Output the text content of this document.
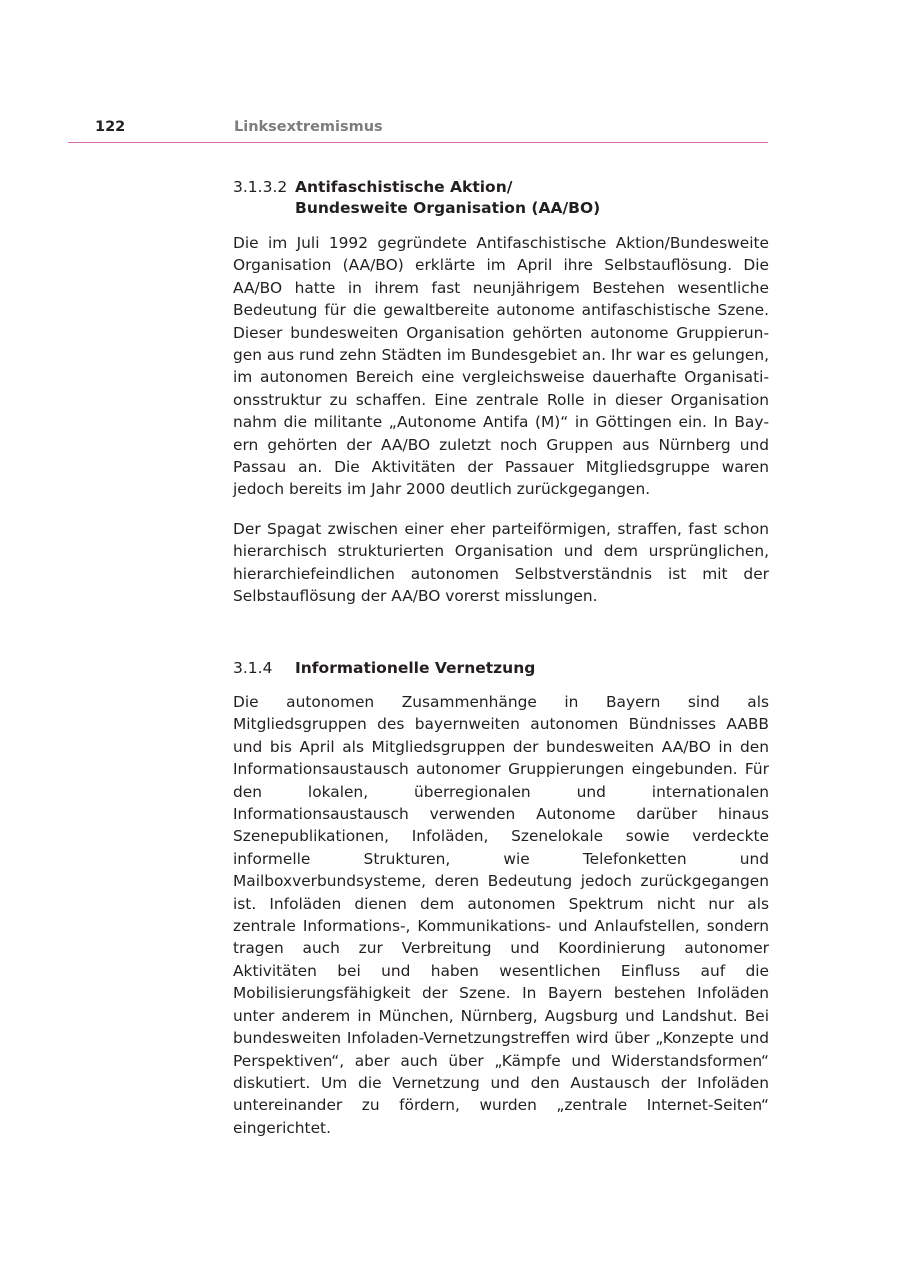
122	Linksextremismus
3.1.3.2 Antifaschistische Aktion/
Bundesweite Organisation (AA/BO)

Die im Juli 1992 gegründete Antifaschistische Aktion/Bundesweite Organisation (AA/BO) erklärte im April ihre Selbstauflösung. Die AA/BO hatte in ihrem fast neunjährigem Bestehen wesentliche Bedeutung für die gewaltbereite autonome antifaschistische Szene. Dieser bundesweiten Organisation gehörten autonome Gruppierungen aus rund zehn Städten im Bundesgebiet an. Ihr war es gelungen, im autonomen Bereich eine vergleichsweise dauerhafte Organisationsstruktur zu schaffen. Eine zentrale Rolle in dieser Organisation nahm die militante „Autonome Antifa (M)“ in Göttingen ein. In Bayern gehörten der AA/BO zuletzt noch Gruppen aus Nürnberg und Passau an. Die Aktivitäten der Passauer Mitgliedsgruppe waren jedoch bereits im Jahr 2000 deutlich zurückgegangen.

Der Spagat zwischen einer eher parteiförmigen, straffen, fast schon hierarchisch strukturierten Organisation und dem ursprünglichen, hierarchiefeindlichen autonomen Selbstverständnis ist mit der Selbstauflösung der AA/BO vorerst misslungen.

3.1.4 Informationelle Vernetzung

Die autonomen Zusammenhänge in Bayern sind als Mitgliedsgruppen des bayernweiten autonomen Bündnisses AABB und bis April als Mitgliedsgruppen der bundesweiten AA/BO in den Informationsaustausch autonomer Gruppierungen eingebunden. Für den lokalen, überregionalen und internationalen Informationsaustausch verwenden Autonome darüber hinaus Szenepublikationen, Infoläden, Szenelokale sowie verdeckte informelle Strukturen, wie Telefonketten und Mailboxverbundsysteme, deren Bedeutung jedoch zurückgegangen ist. Infoläden dienen dem autonomen Spektrum nicht nur als zentrale Informations-, Kommunikations- und Anlaufstellen, sondern tragen auch zur Verbreitung und Koordinierung autonomer Aktivitäten bei und haben wesentlichen Einfluss auf die Mobilisierungsfähigkeit der Szene. In Bayern bestehen Infoläden unter anderem in München, Nürnberg, Augsburg und Landshut. Bei bundesweiten Infoladen-Vernetzungstreffen wird über „Konzepte und Perspektiven“, aber auch über „Kämpfe und Widerstandsformen“ diskutiert. Um die Vernetzung und den Austausch der Infoläden untereinander zu fördern, wurden „zentrale Internet-Seiten“ eingerichtet.
